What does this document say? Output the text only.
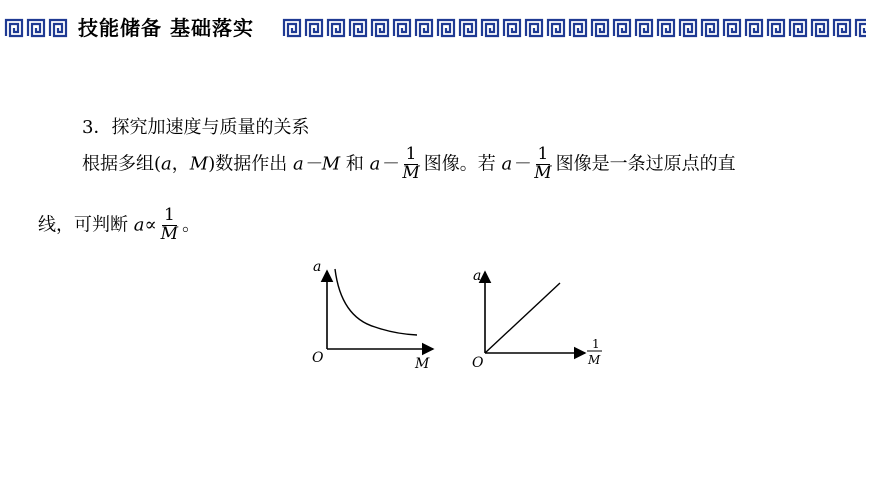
技能储备 基础落实
3．探究加速度与质量的关系
根据多组(a，M)数据作出 a－M 和 $a- \frac{1}{M}$ 图像。若 $a- \frac{1}{M}$ 图像是一条过原点的直
线，可判断 $a\propto \frac{1}{M}$ 。
a
M
O
a
O
1
M
